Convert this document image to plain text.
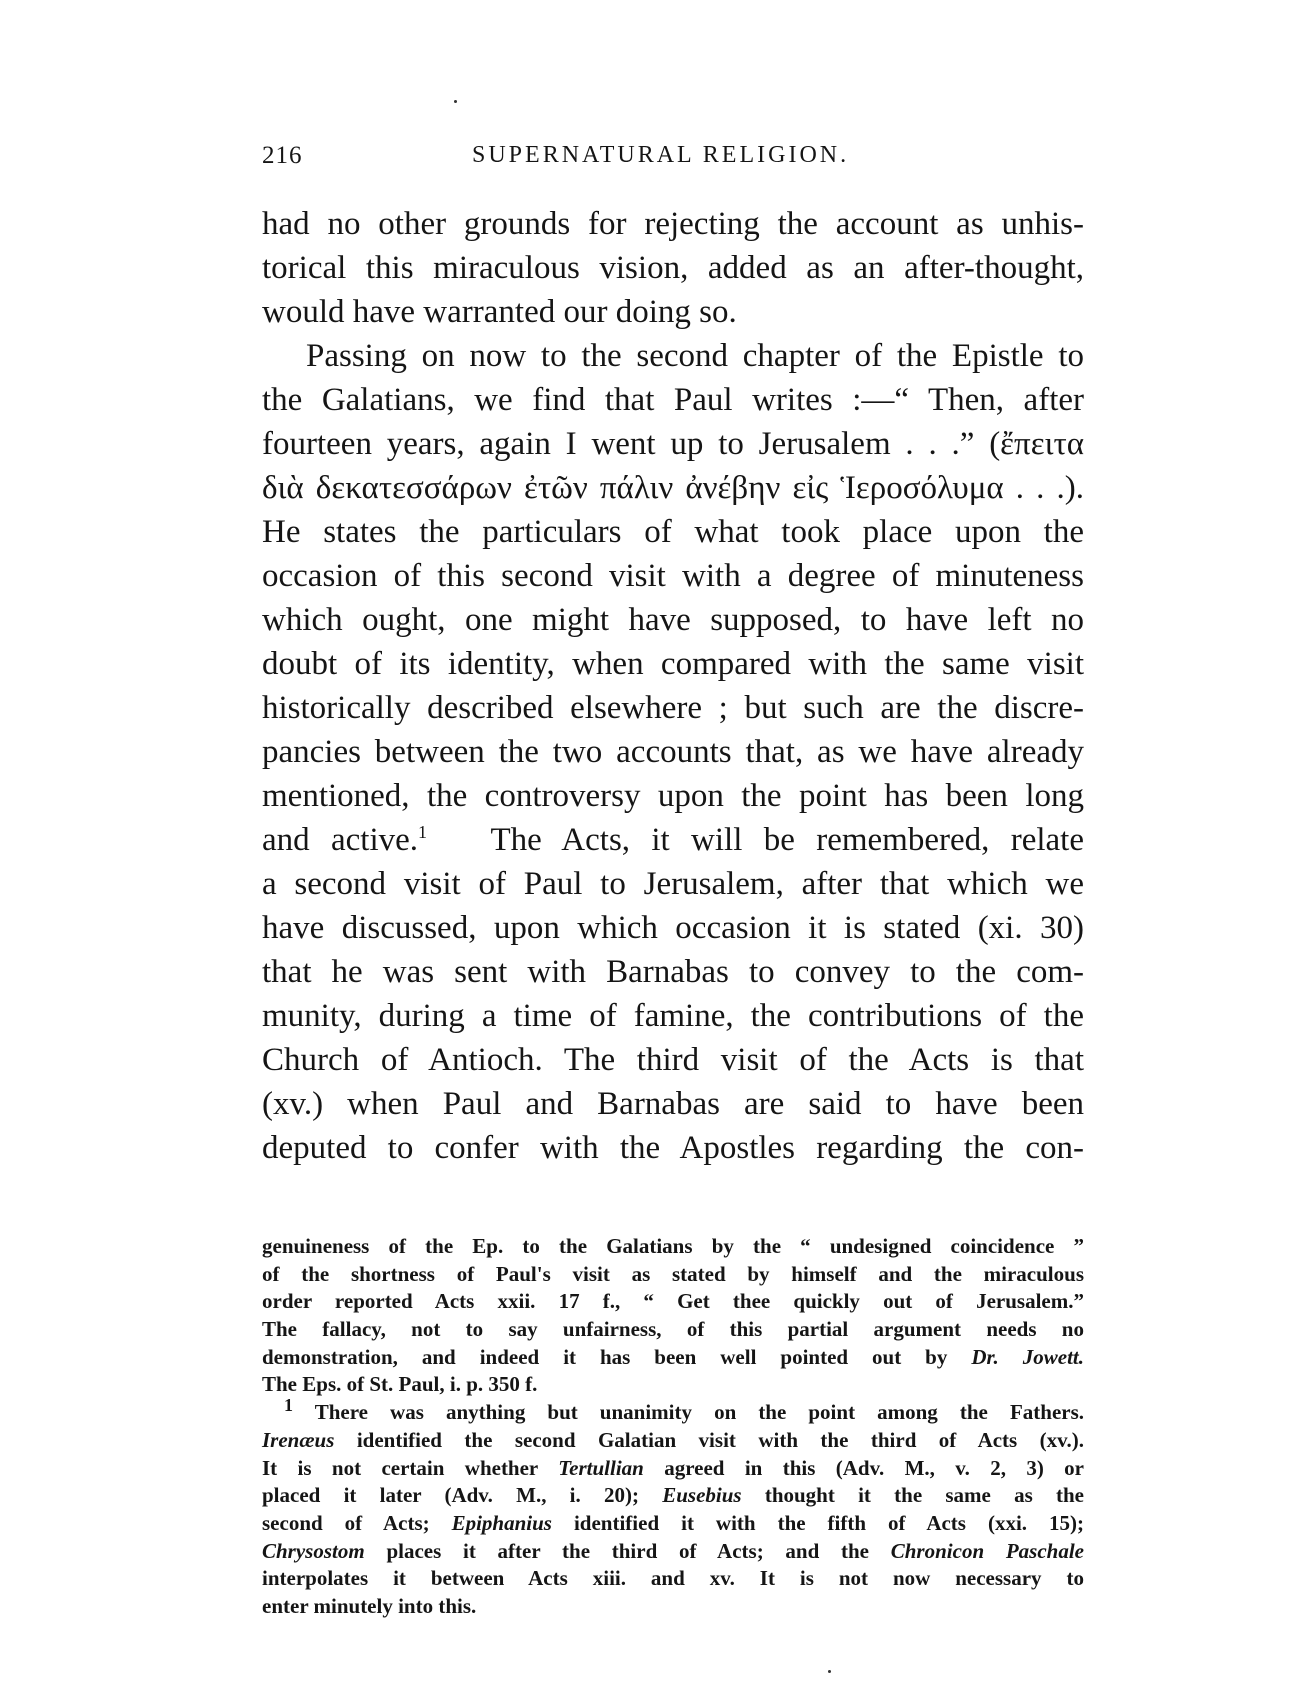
216	SUPERNATURAL RELIGION.
had no other grounds for rejecting the account as unhis-
torical this miraculous vision, added as an after-thought,
would have warranted our doing so.
Passing on now to the second chapter of the Epistle to
the Galatians, we find that Paul writes :—“ Then, after
fourteen years, again I went up to Jerusalem . . .” (ἔπειτα
διὰ δεκατεσσάρων ἐτῶν πάλιν ἀνέβην εἰς Ἱεροσόλυμα . . .).
He states the particulars of what took place upon the
occasion of this second visit with a degree of minuteness
which ought, one might have supposed, to have left no
doubt of its identity, when compared with the same visit
historically described elsewhere ; but such are the discre-
pancies between the two accounts that, as we have already
mentioned, the controversy upon the point has been long
and active.$^1$ The Acts, it will be remembered, relate
a second visit of Paul to Jerusalem, after that which we
have discussed, upon which occasion it is stated (xi. 30)
that he was sent with Barnabas to convey to the com-
munity, during a time of famine, the contributions of the
Church of Antioch. The third visit of the Acts is that
(xv.) when Paul and Barnabas are said to have been
deputed to confer with the Apostles regarding the con-
genuineness of the Ep. to the Galatians by the “ undesigned coincidence ”
of the shortness of Paul's visit as stated by himself and the miraculous
order reported Acts xxii. 17 f., “ Get thee quickly out of Jerusalem.”
The fallacy, not to say unfairness, of this partial argument needs no
demonstration, and indeed it has been well pointed out by Dr. Jowett.
The Eps. of St. Paul, i. p. 350 f.
$^1$ There was anything but unanimity on the point among the Fathers.
Irenæus identified the second Galatian visit with the third of Acts (xv.).
It is not certain whether Tertullian agreed in this (Adv. M., v. 2, 3) or
placed it later (Adv. M., i. 20); Eusebius thought it the same as the
second of Acts; Epiphanius identified it with the fifth of Acts (xxi. 15);
Chrysostom places it after the third of Acts; and the Chronicon Paschale
interpolates it between Acts xiii. and xv. It is not now necessary to
enter minutely into this.
